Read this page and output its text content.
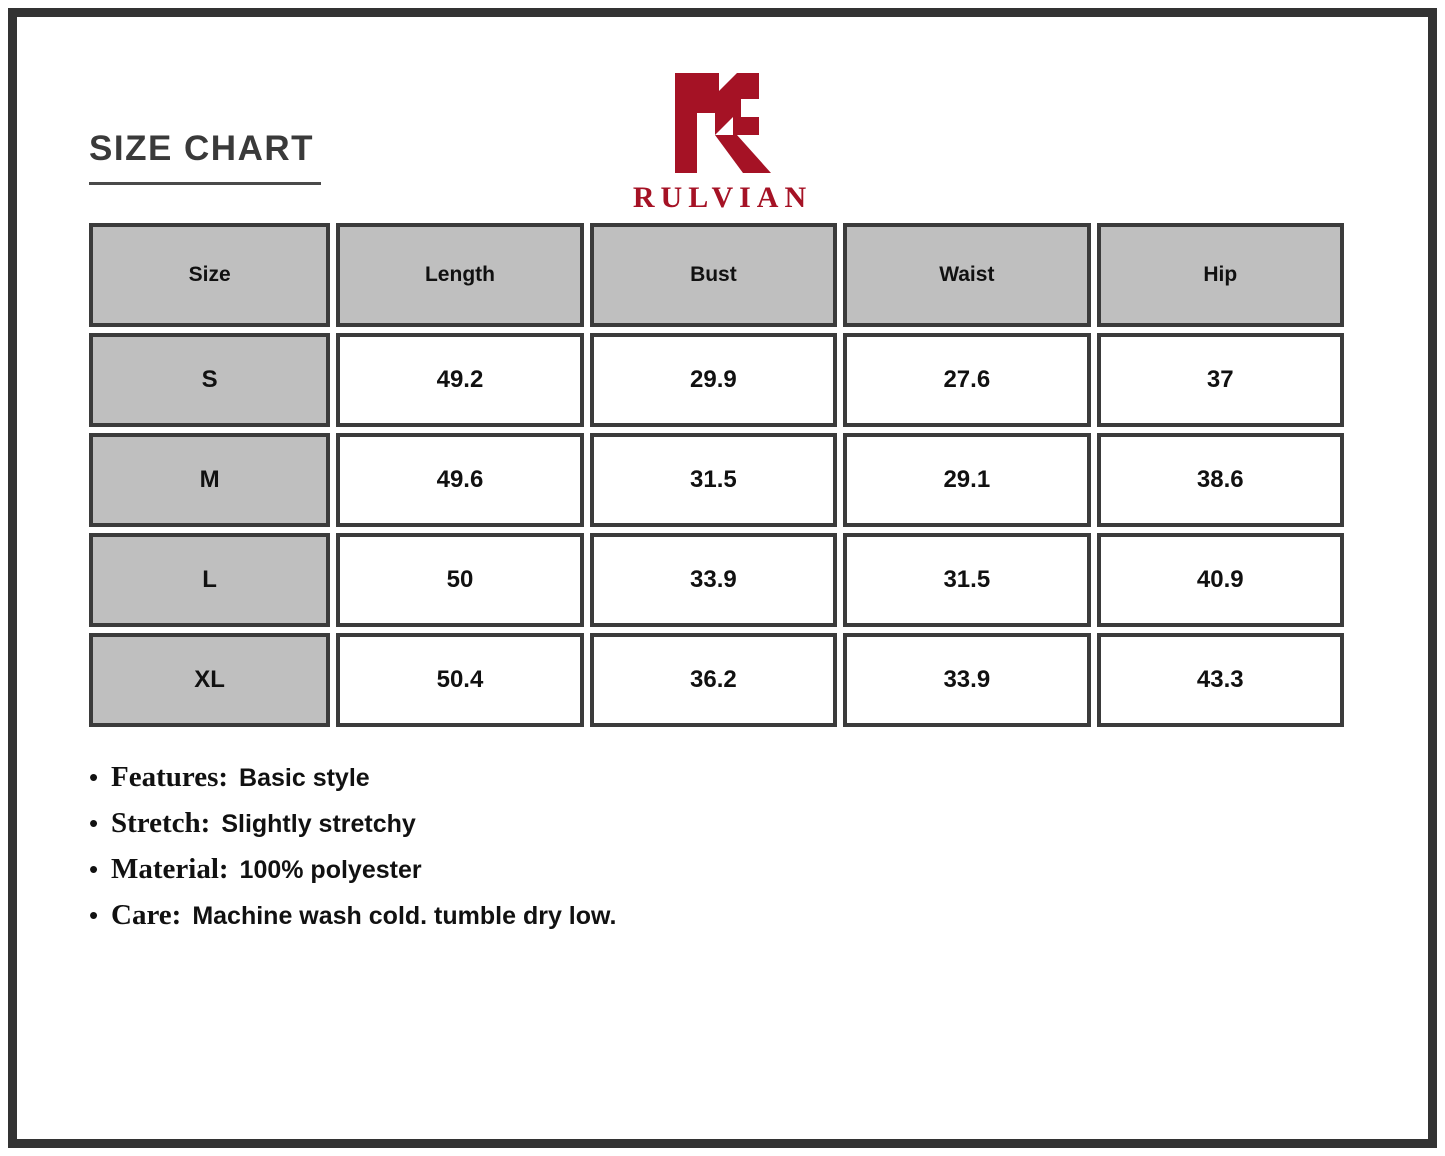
SIZE CHART
RULVIAN
Size	Length	Bust	Waist	Hip
S	49.2	29.9	27.6	37
M	49.6	31.5	29.1	38.6
L	50	33.9	31.5	40.9
XL	50.4	36.2	33.9	43.3
• Features: Basic style
• Stretch: Slightly stretchy
• Material: 100% polyester
• Care: Machine wash cold. tumble dry low.
